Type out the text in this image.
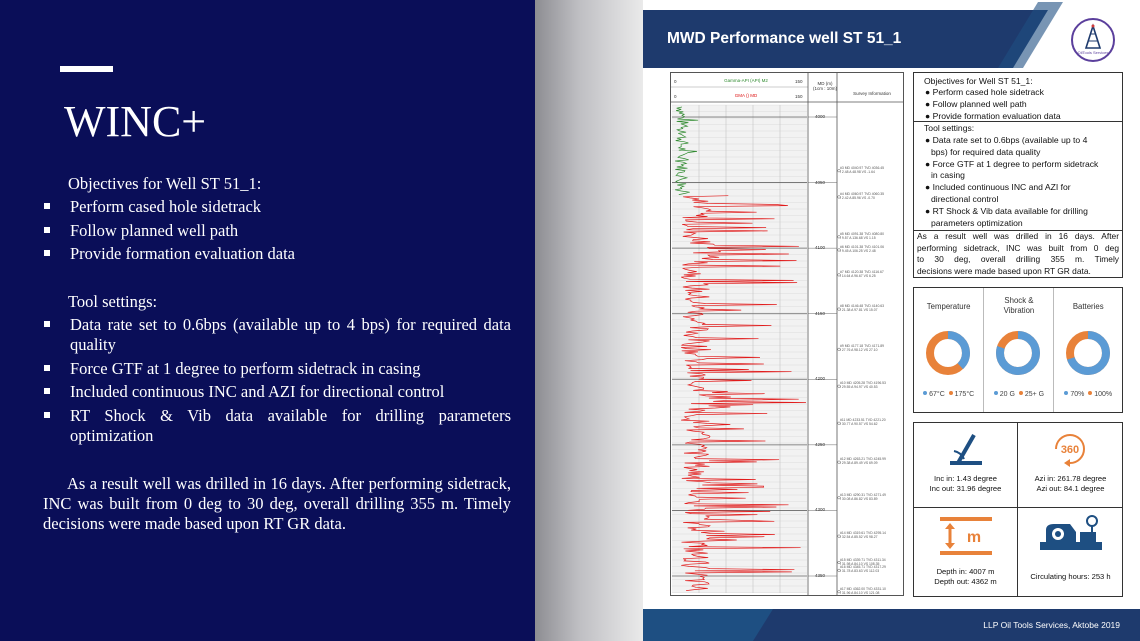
WINC+
Objectives for Well ST 51_1:
Perform cased hole sidetrack
Follow planned well path
Provide formation evaluation data
Tool settings:
Data rate set to 0.6bps (available up to 4 bps) for required data quality
Force GTF at 1 degree to perform sidetrack in casing
Included continuous INC and AZI for directional control
RT Shock & Vib data available for drilling parameters optimization
As a result well was drilled in 16 days. After performing sidetrack, INC was built from 0 deg to 30 deg, overall drilling 355 m. Timely decisions were made based upon RT GR data.
MWD Performance well ST 51_1
OilTools Services
0	Gamma-API (API) M2	150
0	GMA () MD	150
MD (m)
(1cm : 10m)
Survey Information
4000
4050
4100
4150
4200
4250
4300
4350
#3 MD 4040.97 TVD 4036.45
I 2.48 A 48.98 VS -1.64
#4 MD 4060.97 TVD 4060.35
I 2.42 A 85.96 VS -0.70
#5 MD 4091.38 TVD 4080.80
I 9.57 A 136.68 VS 1.15
#6 MD 4101.38 TVD 4101.06
I 9.45 A 106.25 VS 2.48
#7 MD 4120.38 TVD 4116.67
I 14.64 A 96.67 VS 6.25
#8 MD 4146.48 TVD 4140.63
I 21.38 A 97.81 VS 15.07
#9 MD 4177.18 TVD 4171.89
I 27.76 A 98.12 VS 27.10
#10 MD 4205.28 TVD 4196.53
I 29.55 A 94.97 VS 40.53
#11 MD 4233.51 TVD 4221.20
I 30.77 A 90.57 VS 54.62
#12 MD 4263.21 TVD 4245.99
I 29.38 A 89.49 VS 69.09
#13 MD 4290.31 TVD 4271.49
I 30.08 A 86.82 VS 83.89
#14 MD 4319.61 TVD 4295.14
I 32.54 A 85.52 VS 98.27
#15 MD 4339.71 TVD 4311.34
I 31.98 A 84.10 VS 108.35
#16 MD 4345.71 TVD 4317.29
I 31.78 A 83.63 VS 112.03
#17 MD 4362.00 TVD 4331.10
I 31.96 A 84.10 VS 121.08
Objectives for Well ST 51_1:
● Perform cased hole sidetrack
● Follow planned well path
● Provide formation evaluation data
Tool settings:
● Data rate set to 0.6bps (available up to 4
bps) for required data quality
● Force GTF at 1 degree to perform sidetrack
in casing
● Included continuous INC and AZI for
directional control
● RT Shock & Vib data available for drilling
parameters optimization
As a result well was drilled in 16 days. After
performing sidetrack, INC was built from 0 deg
to 30 deg, overall drilling 355 m. Timely
decisions were made based upon RT GR data.
Temperature
67°C 175°C
Shock &
Vibration
20 G 25+ G
Batteries
70% 100%
Inc in: 1.43 degree
Inc out: 31.96 degree
360
Azi in: 261.78 degree
Azi out: 84.1 degree
m
Depth in: 4007 m
Depth out: 4362 m
Circulating hours: 253 h
LLP Oil Tools Services, Aktobe 2019
